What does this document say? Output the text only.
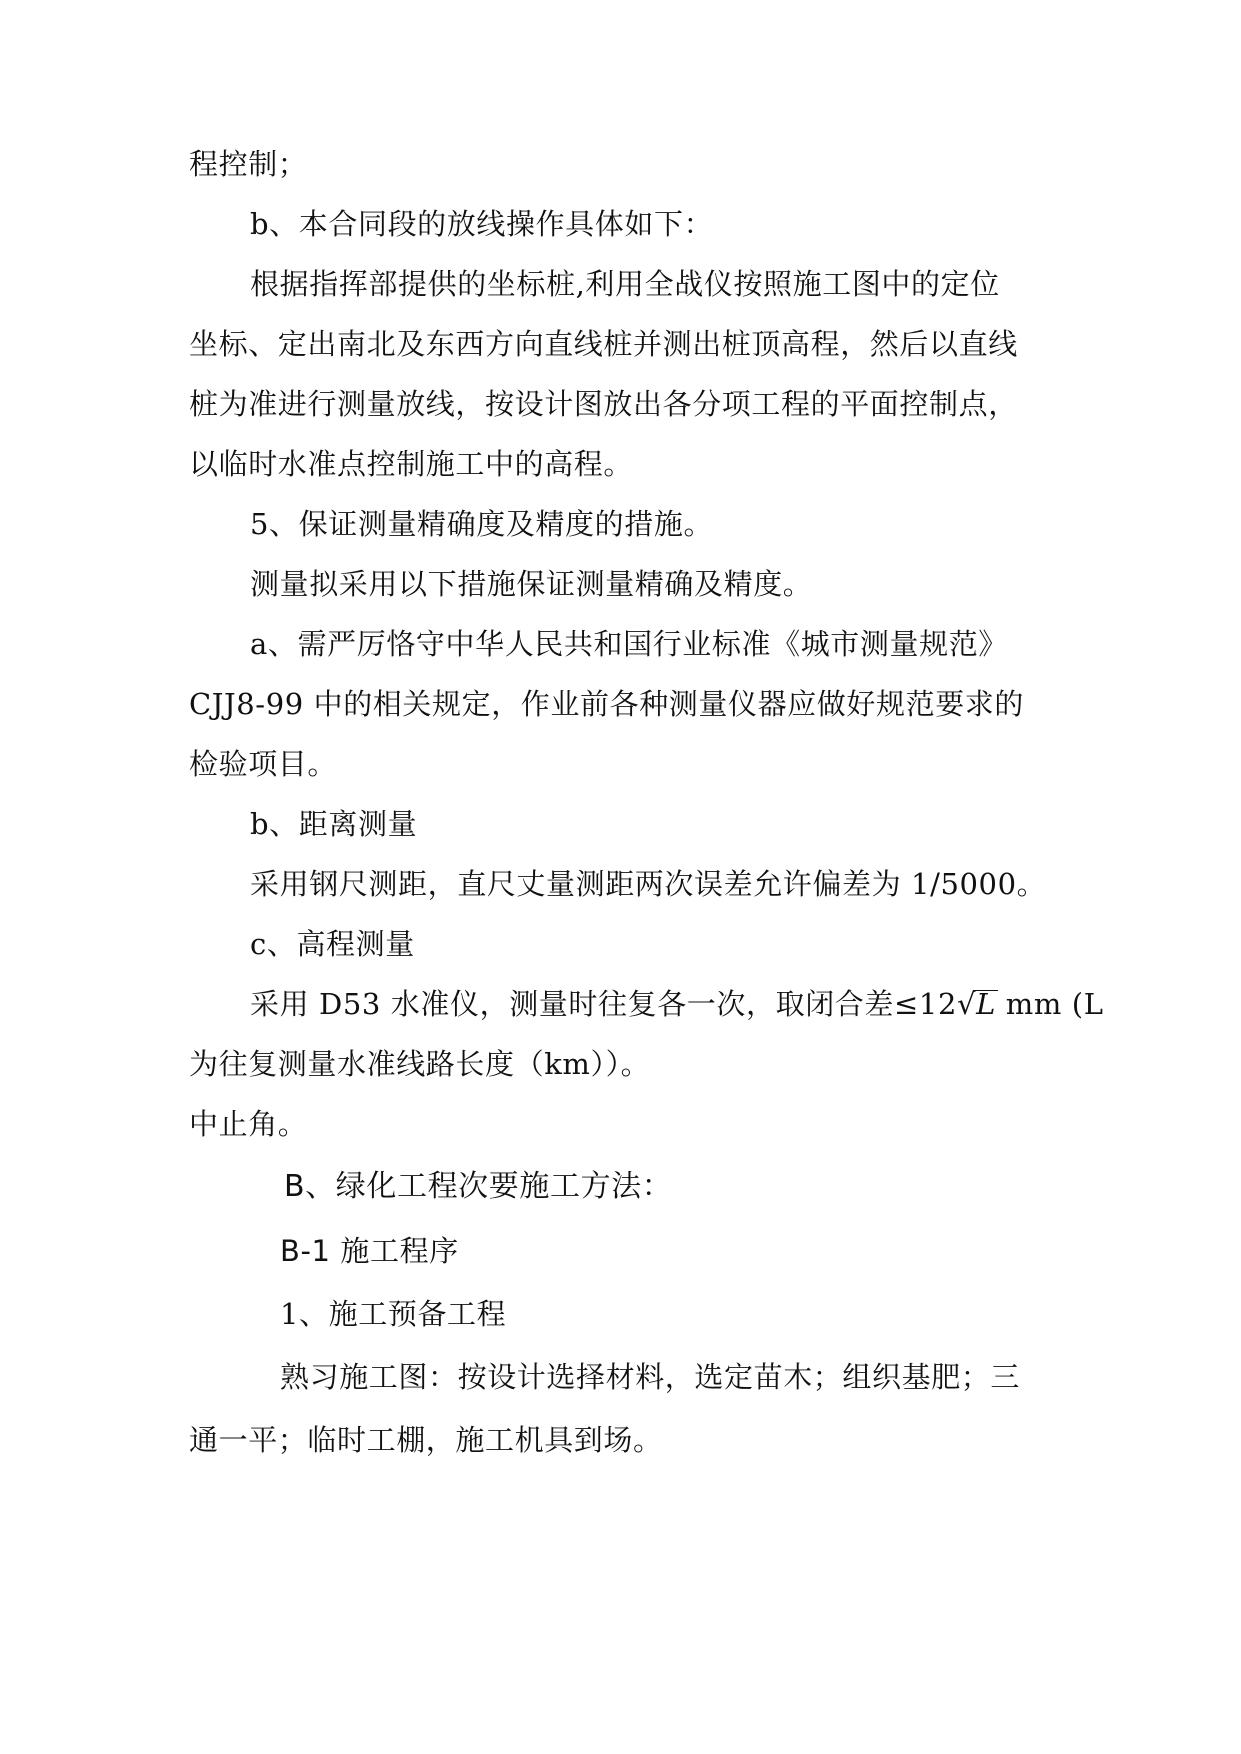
程控制；
b、本合同段的放线操作具体如下：
根据指挥部提供的坐标桩,利用全战仪按照施工图中的定位
坐标、定出南北及东西方向直线桩并测出桩顶高程，然后以直线
桩为准进行测量放线，按设计图放出各分项工程的平面控制点，
以临时水准点控制施工中的高程。
5、保证测量精确度及精度的措施。
测量拟采用以下措施保证测量精确及精度。
a、需严厉恪守中华人民共和国行业标准《城市测量规范》
CJJ8-99 中的相关规定，作业前各种测量仪器应做好规范要求的
检验项目。
b、距离测量
采用钢尺测距，直尺丈量测距两次误差允许偏差为 1/5000。
c、高程测量
采用 D53 水准仪，测量时往复各一次，取闭合差≤12√L
mm (L
为往复测量水准线路长度（km））。
中止角。
B、绿化工程次要施工方法：
B-1 施工程序
1、施工预备工程
熟习施工图：按设计选择材料，选定苗木；组织基肥；三
通一平；临时工棚，施工机具到场。
